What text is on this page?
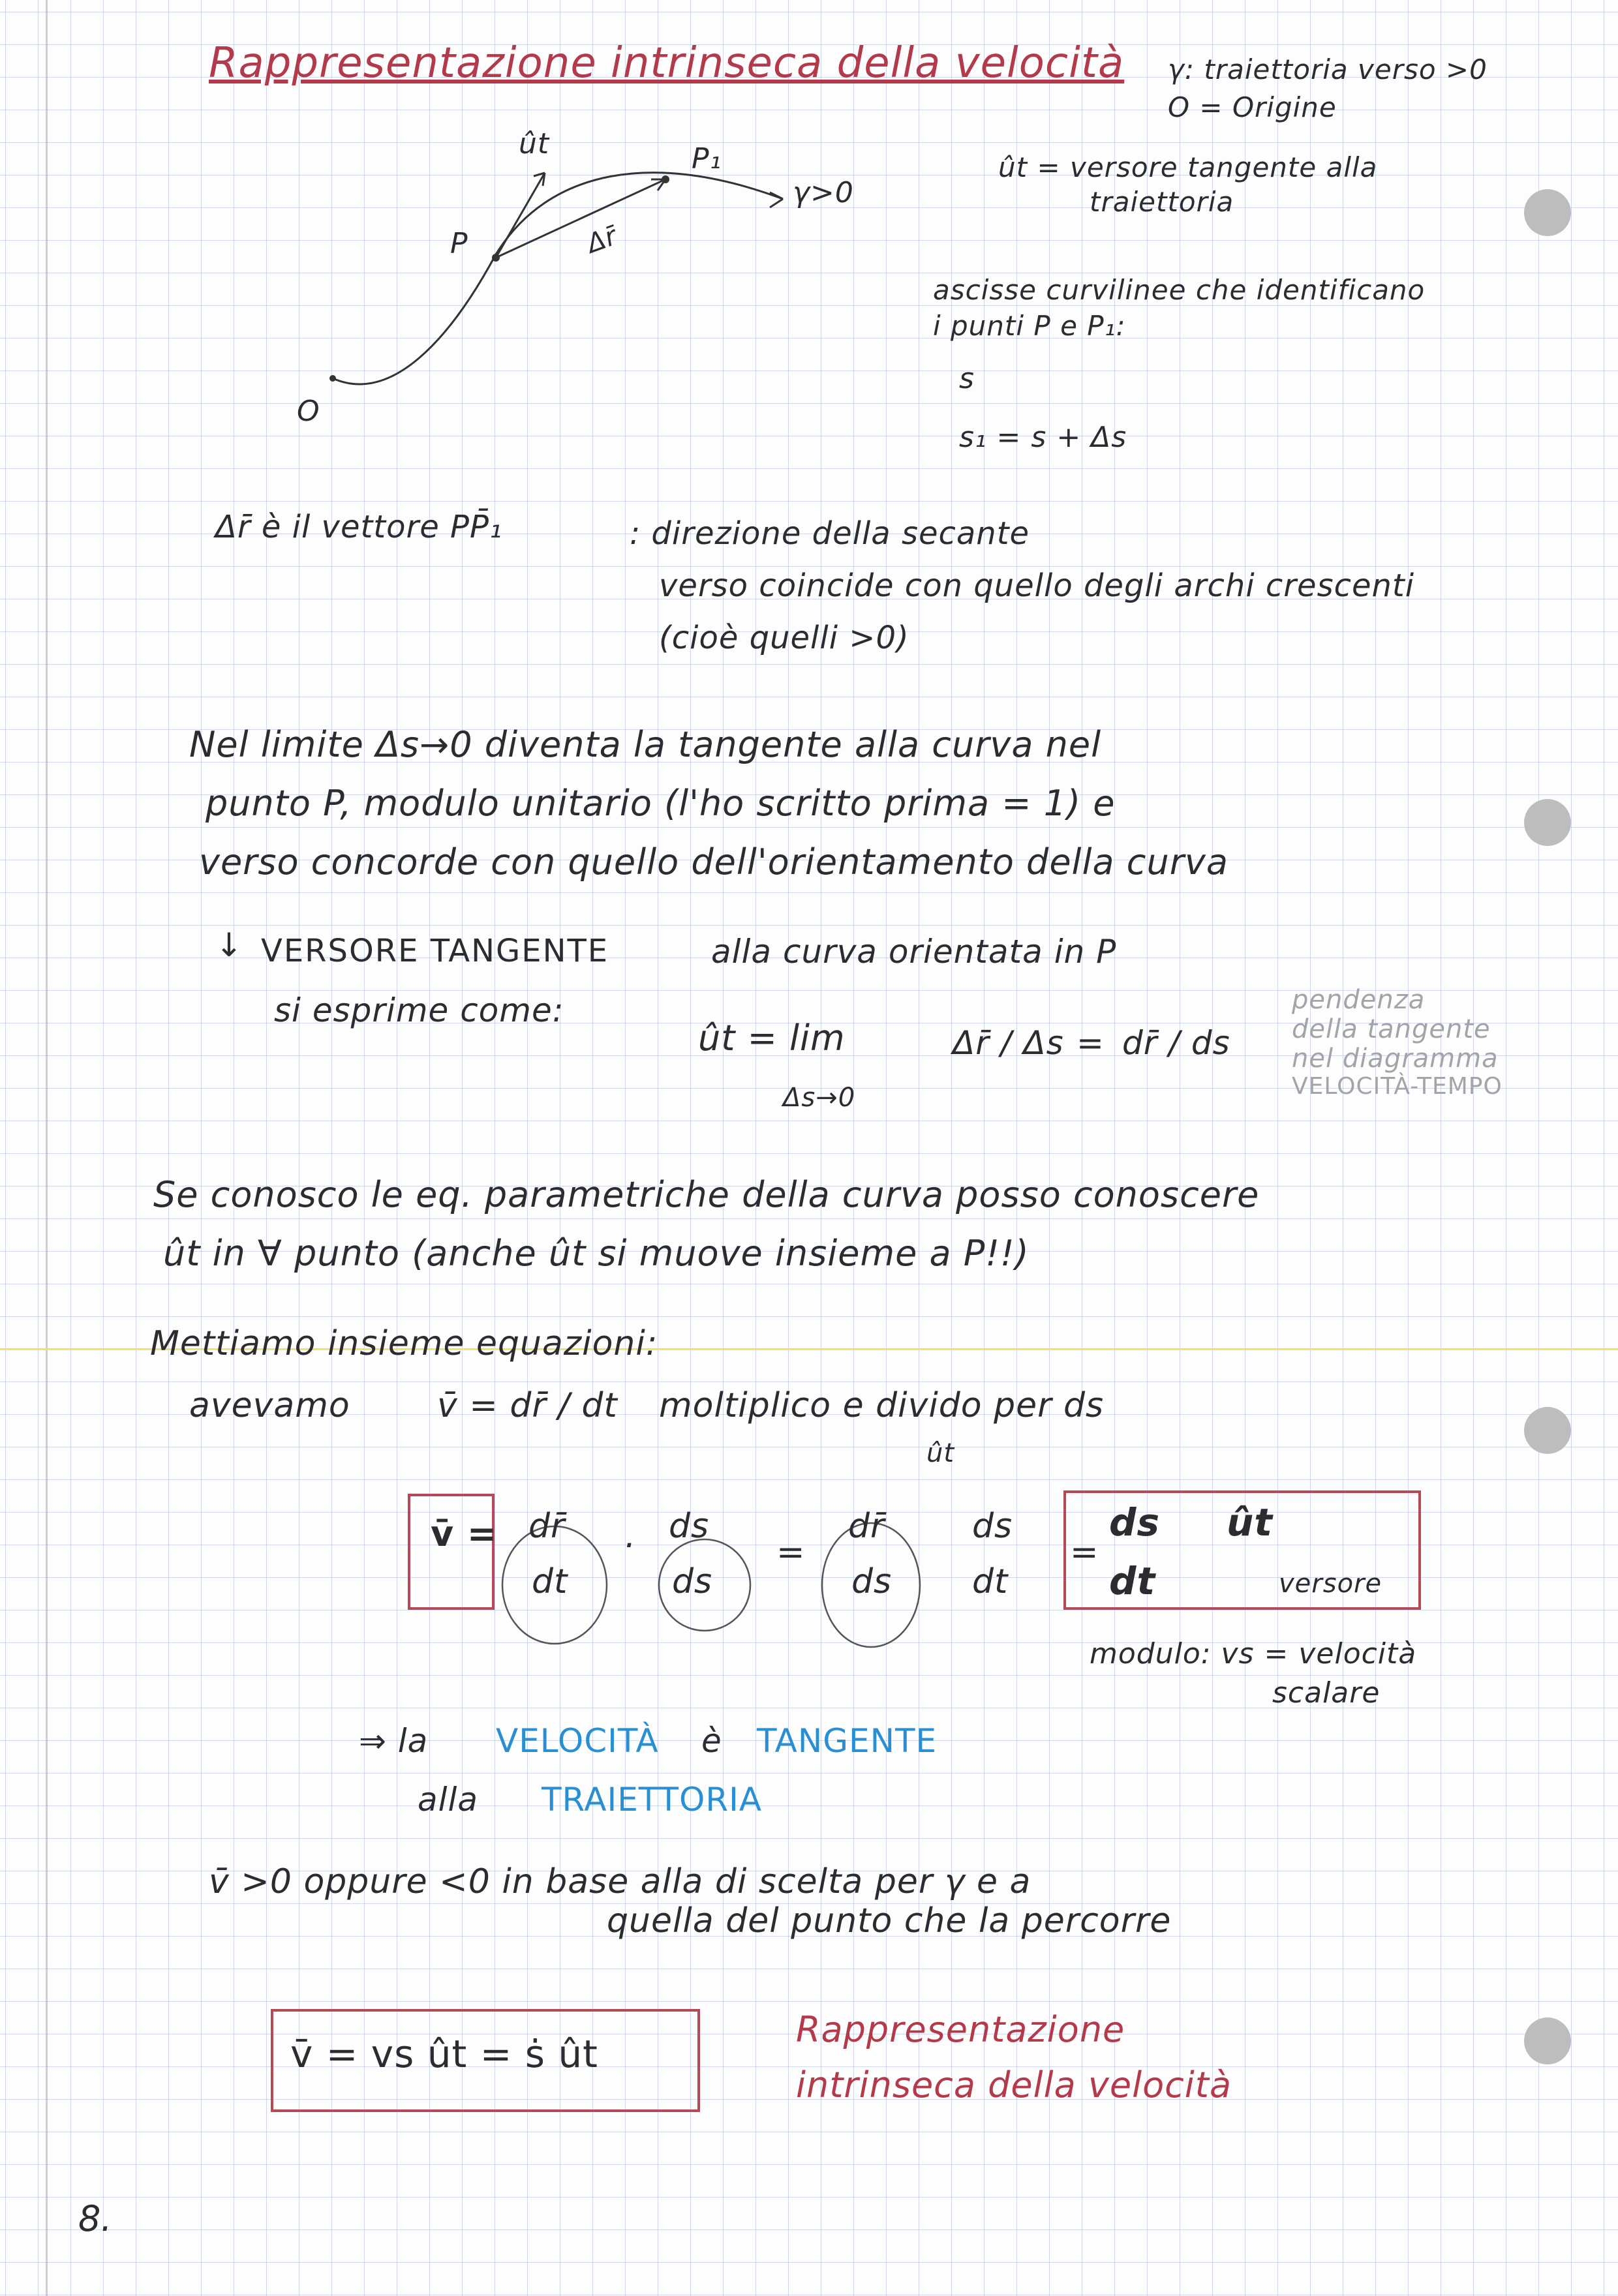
Rappresentazione intrinseca della velocità γ: traiettoria verso >0
O = Origine
ût	P₁
P	Δr̄
γ>0
O
ût = versore tangente alla
traiettoria
ascisse curvilinee che identificano
i punti P e P₁:
s
s₁ = s + Δs
Δr̄ è il vettore PP̄₁	: direzione della secante
verso coincide con quello degli archi crescenti
(cioè quelli >0)
Nel limite Δs→0 diventa la tangente alla curva nel
punto P, modulo unitario (l'ho scritto prima = 1) e
verso concorde con quello dell'orientamento della curva
↓ VERSORE TANGENTE	alla curva orientata in P
si esprime come:
ût = lim
Δs→0
Δr̄ / Δs = dr̄ / ds
pendenza
della tangente
nel diagramma
VELOCITÀ-TEMPO
Se conosco le eq. parametriche della curva posso conoscere
ût in ∀ punto (anche ût si muove insieme a P!!)
Mettiamo insieme equazioni:
avevamo	v̄ = dr̄ / dt moltiplico e divido per ds
ût
v̄ = dr̄
dt
· ds
ds
=
dr̄
ds
ds
dt
=
ds
dt
ût
versore
modulo: vs = velocità
scalare
⇒ la VELOCITÀ è TANGENTE
alla TRAIETTORIA
v̄ >0 oppure <0 in base alla di scelta per γ e a
quella del punto che la percorre
v̄ = vs ût = ṡ ût
Rappresentazione
intrinseca della velocità
8.
